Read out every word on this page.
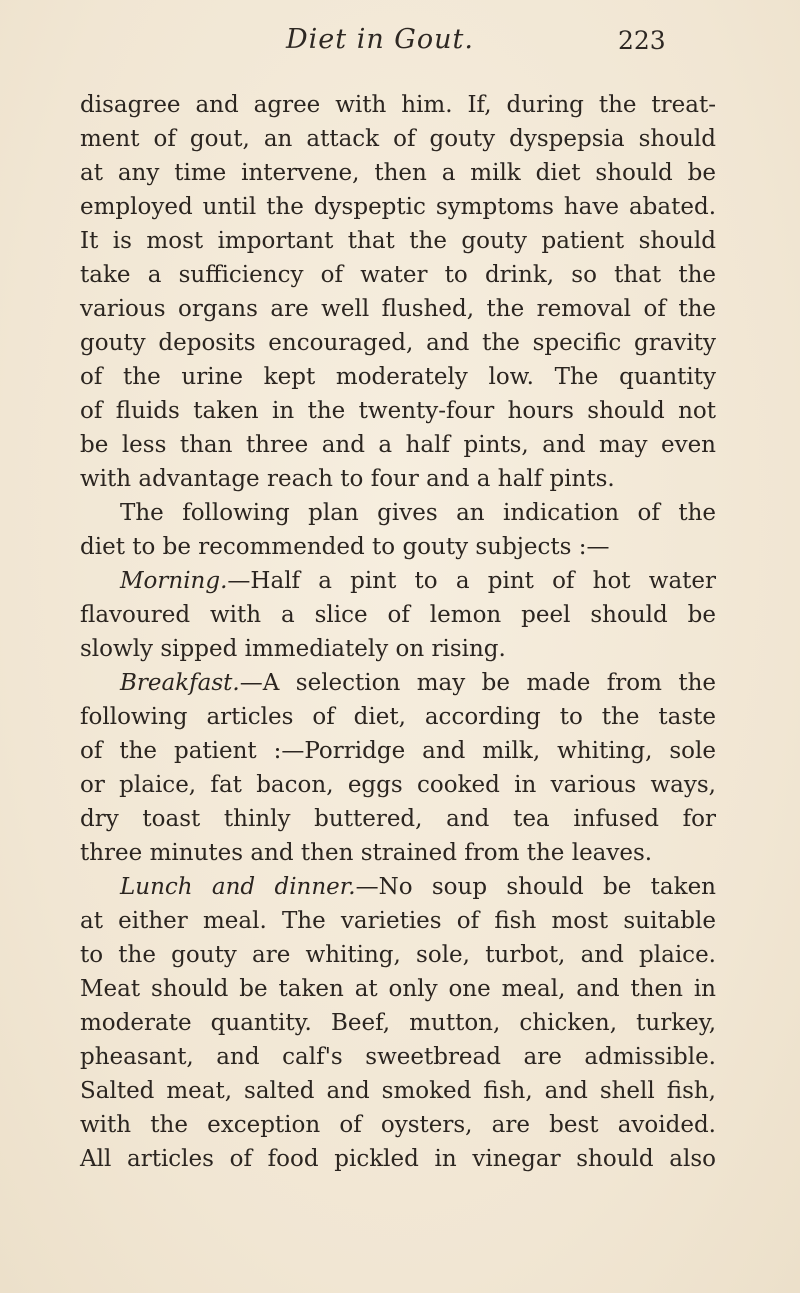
Diet in Gout.	223
disagree and agree with him. If, during the treat-
ment of gout, an attack of gouty dyspepsia should
at any time intervene, then a milk diet should be
employed until the dyspeptic symptoms have abated.
It is most important that the gouty patient should
take a sufficiency of water to drink, so that the
various organs are well flushed, the removal of the
gouty deposits encouraged, and the specific gravity
of the urine kept moderately low. The quantity
of fluids taken in the twenty-four hours should not
be less than three and a half pints, and may even
with advantage reach to four and a half pints.
The following plan gives an indication of the
diet to be recommended to gouty subjects :—
Morning.—Half a pint to a pint of hot water
flavoured with a slice of lemon peel should be
slowly sipped immediately on rising.
Breakfast.—A selection may be made from the
following articles of diet, according to the taste
of the patient :—Porridge and milk, whiting, sole
or plaice, fat bacon, eggs cooked in various ways,
dry toast thinly buttered, and tea infused for
three minutes and then strained from the leaves.
Lunch and dinner.—No soup should be taken
at either meal. The varieties of fish most suitable
to the gouty are whiting, sole, turbot, and plaice.
Meat should be taken at only one meal, and then in
moderate quantity. Beef, mutton, chicken, turkey,
pheasant, and calf's sweetbread are admissible.
Salted meat, salted and smoked fish, and shell fish,
with the exception of oysters, are best avoided.
All articles of food pickled in vinegar should also
